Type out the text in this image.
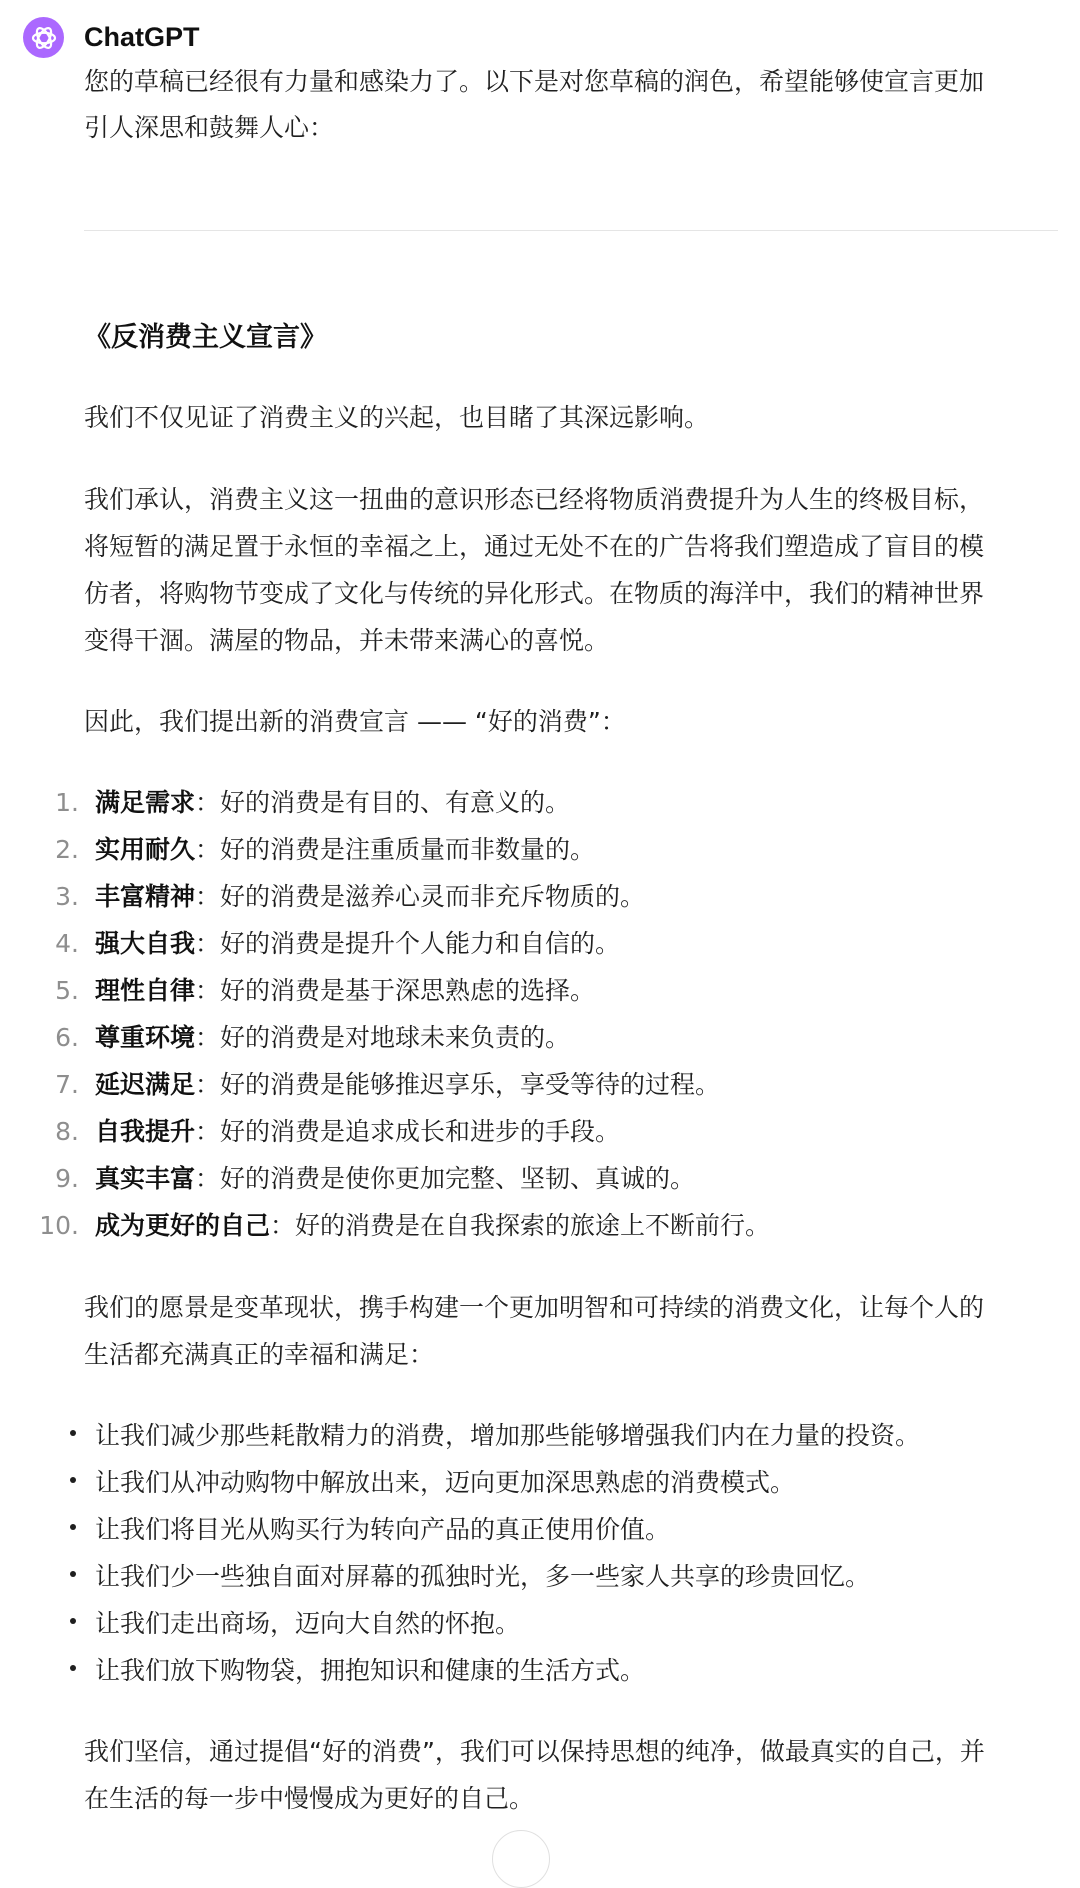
ChatGPT

您的草稿已经很有力量和感染力了。以下是对您草稿的润色，希望能够使宣言更加

引人深思和鼓舞人心：

《反消费主义宣言》

我们不仅见证了消费主义的兴起，也目睹了其深远影响。

我们承认，消费主义这一扭曲的意识形态已经将物质消费提升为人生的终极目标，

将短暂的满足置于永恒的幸福之上，通过无处不在的广告将我们塑造成了盲目的模

仿者，将购物节变成了文化与传统的异化形式。在物质的海洋中，我们的精神世界

变得干涸。满屋的物品，并未带来满心的喜悦。

因此，我们提出新的消费宣言 —— “好的消费”：

1. 满足需求：好的消费是有目的、有意义的。
2. 实用耐久：好的消费是注重质量而非数量的。
3. 丰富精神：好的消费是滋养心灵而非充斥物质的。
4. 强大自我：好的消费是提升个人能力和自信的。
5. 理性自律：好的消费是基于深思熟虑的选择。
6. 尊重环境：好的消费是对地球未来负责的。
7. 延迟满足：好的消费是能够推迟享乐，享受等待的过程。
8. 自我提升：好的消费是追求成长和进步的手段。
9. 真实丰富：好的消费是使你更加完整、坚韧、真诚的。
10. 成为更好的自己：好的消费是在自我探索的旅途上不断前行。

我们的愿景是变革现状，携手构建一个更加明智和可持续的消费文化，让每个人的

生活都充满真正的幸福和满足：

让我们减少那些耗散精力的消费，增加那些能够增强我们内在力量的投资。
让我们从冲动购物中解放出来，迈向更加深思熟虑的消费模式。
让我们将目光从购买行为转向产品的真正使用价值。
让我们少一些独自面对屏幕的孤独时光，多一些家人共享的珍贵回忆。
让我们走出商场，迈向大自然的怀抱。
让我们放下购物袋，拥抱知识和健康的生活方式。

我们坚信，通过提倡“好的消费”，我们可以保持思想的纯净，做最真实的自己，并

在生活的每一步中慢慢成为更好的自己。
